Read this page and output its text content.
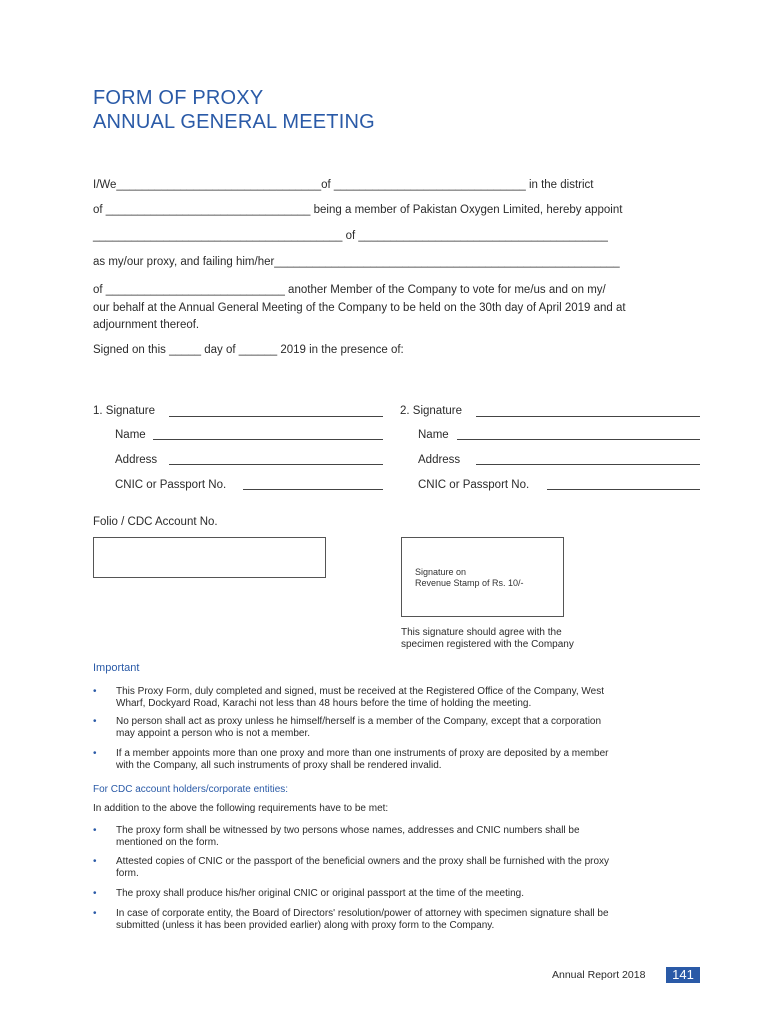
FORM OF PROXY
ANNUAL GENERAL MEETING
I/We________________________________of ______________________________ in the district
of ________________________________ being a member of Pakistan Oxygen Limited, hereby appoint
_______________________________________ of _______________________________________
as my/our proxy, and failing him/her______________________________________________________
of ____________________________ another Member of the Company to vote for me/us and on my/
our behalf at the Annual General Meeting of the Company to be held on the 30th day of April 2019 and at
adjournment thereof.
Signed on this _____ day of ______ 2019 in the presence of:
1. Signature
Name
Address
CNIC or Passport No.
2. Signature
Name
Address
CNIC or Passport No.
Folio / CDC Account No.
Signature on
Revenue Stamp of Rs. 10/-
This signature should agree with the
specimen registered with the Company
Important
• This Proxy Form, duly completed and signed, must be received at the Registered Office of the Company, West
Wharf, Dockyard Road, Karachi not less than 48 hours before the time of holding the meeting.
• No person shall act as proxy unless he himself/herself is a member of the Company, except that a corporation
may appoint a person who is not a member.
• If a member appoints more than one proxy and more than one instruments of proxy are deposited by a member
with the Company, all such instruments of proxy shall be rendered invalid.
For CDC account holders/corporate entities:
In addition to the above the following requirements have to be met:
• The proxy form shall be witnessed by two persons whose names, addresses and CNIC numbers shall be
mentioned on the form.
• Attested copies of CNIC or the passport of the beneficial owners and the proxy shall be furnished with the proxy
form.
• The proxy shall produce his/her original CNIC or original passport at the time of the meeting.
• In case of corporate entity, the Board of Directors' resolution/power of attorney with specimen signature shall be
submitted (unless it has been provided earlier) along with proxy form to the Company.
Annual Report 2018	141
